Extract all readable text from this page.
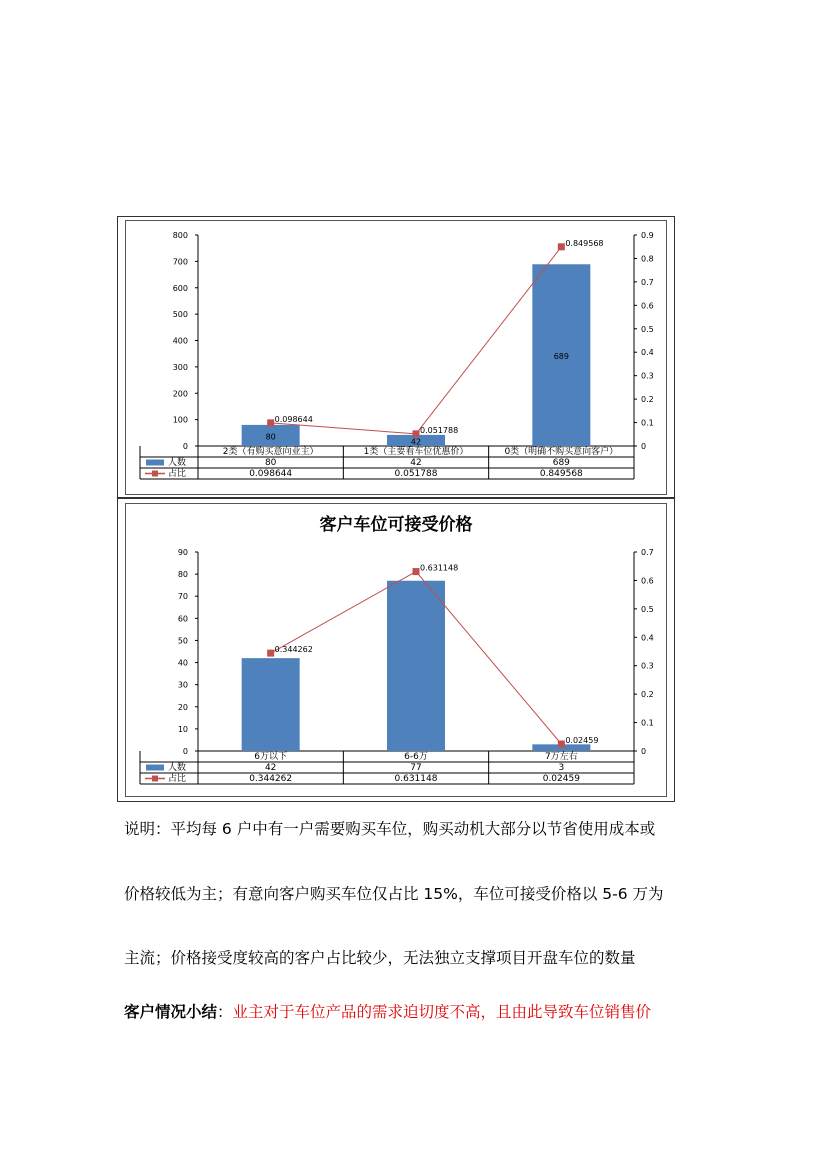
800
700
600
500
400
300
200
100
0
0.9
0.8
0.7
0.6
0.5
0.4
0.3
0.2
0.1
0
80
42
689
0.098644
0.051788
0.849568
2类（有购买意向业主）	1类（主要看车位优惠价）	0类（明确不购买意向客户）
人数	80	42	689
占比	0.098644	0.051788	0.849568
客户车位可接受价格
90
80
70
60
50
40
30
20
10
0
0.7
0.6
0.5
0.4
0.3
0.2
0.1
0
0.344262
0.631148
0.02459
6万以下	6-6万	7万左右
人数	42	77	3
占比	0.344262	0.631148	0.02459
说明：平均每 6 户中有一户需要购买车位，购买动机大部分以节省使用成本或
价格较低为主；有意向客户购买车位仅占比 15%，车位可接受价格以 5-6 万为
主流；价格接受度较高的客户占比较少，无法独立支撑项目开盘车位的数量
客户情况小结：业主对于车位产品的需求迫切度不高，且由此导致车位销售价
